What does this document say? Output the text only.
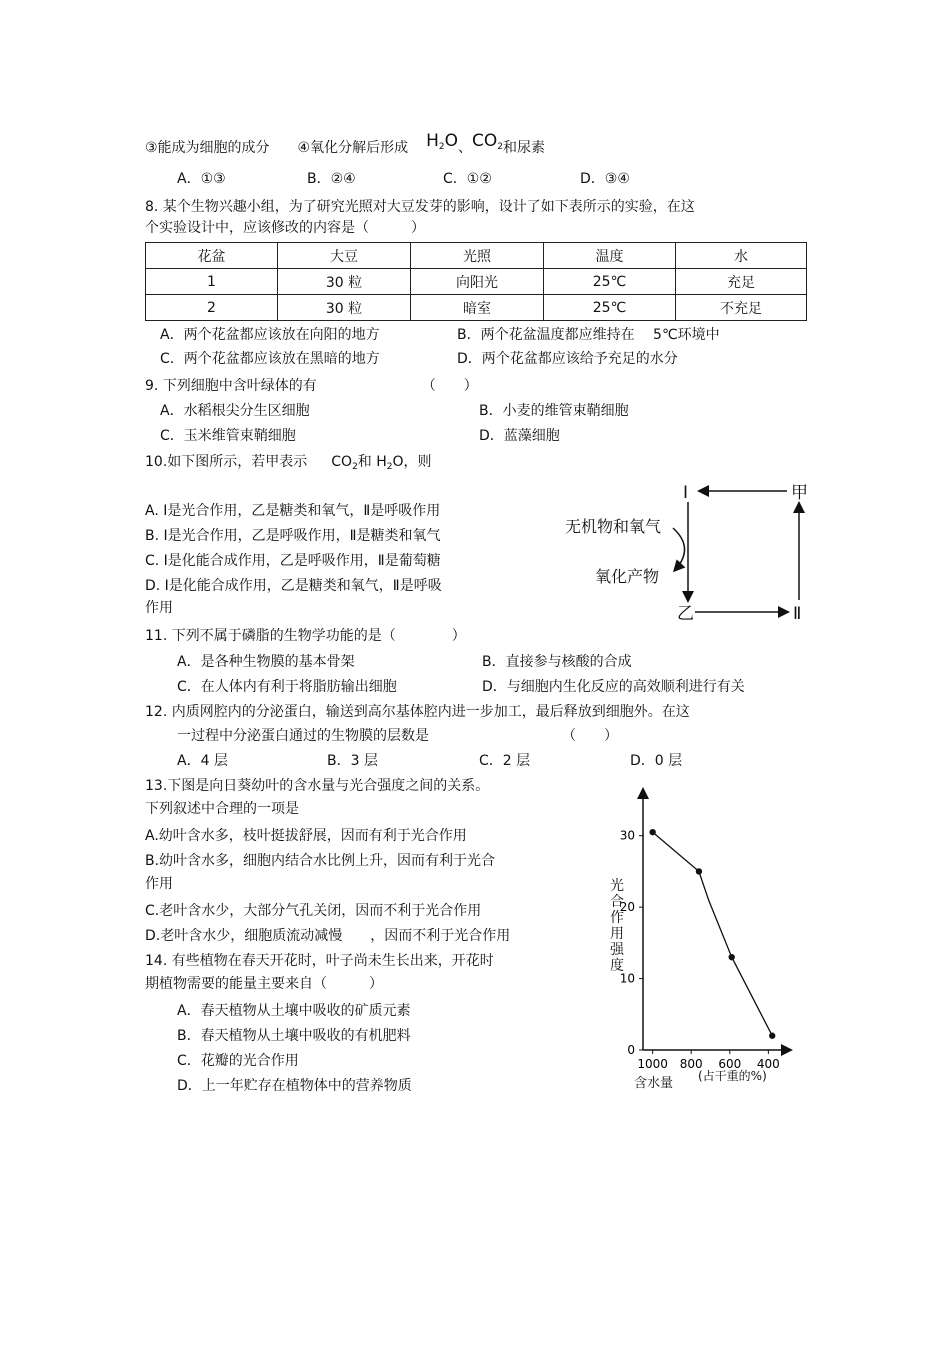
③能成为细胞的成分　　④氧化分解后形成 $H_2O$、$CO_2$和尿素
A．①③	B．②④	C．①②	D．③④
8. 某个生物兴趣小组，为了研究光照对大豆发芽的影响，设计了如下表所示的实验，在这
个实验设计中，应该修改的内容是（　　　）
花盆	大豆	光照	温度	水
1	30 粒	向阳光	25℃	充足
2	30 粒	暗室	25℃	不充足
A．两个花盆都应该放在向阳的地方	B．两个花盆温度都应维持在　 5℃环境中
C．两个花盆都应该放在黑暗的地方	D．两个花盆都应该给予充足的水分
9. 下列细胞中含叶绿体的有　　　　　　　　（　　）
A．水稻根尖分生区细胞	B．小麦的维管束鞘细胞
C．玉米维管束鞘细胞	D．蓝藻细胞
10.如下图所示，若甲表示 $CO_2$和 $H_2O$，则
A. Ⅰ是光合作用，乙是糖类和氧气，Ⅱ是呼吸作用
B. Ⅰ是光合作用，乙是呼吸作用，Ⅱ是糖类和氧气
C. Ⅰ是化能合成作用，乙是呼吸作用，Ⅱ是葡萄糖
D. Ⅰ是化能合成作用，乙是糖类和氧气，Ⅱ是呼吸
作用
Ⅰ	甲
乙	Ⅱ
无机物和氧气
氧化产物
11. 下列不属于磷脂的生物学功能的是（　　　　）
A．是各种生物膜的基本骨架	B．直接参与核酸的合成
C．在人体内有利于将脂肪输出细胞	D．与细胞内生化反应的高效顺利进行有关
12. 内质网腔内的分泌蛋白，输送到高尔基体腔内进一步加工，最后释放到细胞外。在这
一过程中分泌蛋白通过的生物膜的层数是　　　　　　　　　　（　　）
A．4 层	B．3 层	C．2 层	D．0 层
13.下图是向日葵幼叶的含水量与光合强度之间的关系。
下列叙述中合理的一项是
A.幼叶含水多，枝叶挺拔舒展，因而有利于光合作用
B.幼叶含水多，细胞内结合水比例上升，因而有利于光合
作用
C.老叶含水少，大部分气孔关闭，因而不利于光合作用
D.老叶含水少，细胞质流动减慢　　，因而不利于光合作用
14. 有些植物在春天开花时，叶子尚未生长出来，开花时
期植物需要的能量主要来自（　　　）
A．春天植物从土壤中吸收的矿质元素
B．春天植物从土壤中吸收的有机肥料
C．花瓣的光合作用
D．上一年贮存在植物体中的营养物质
0
10
20
30
1000 800 600 400
光合作用强度
含水量 (占干重的%)
